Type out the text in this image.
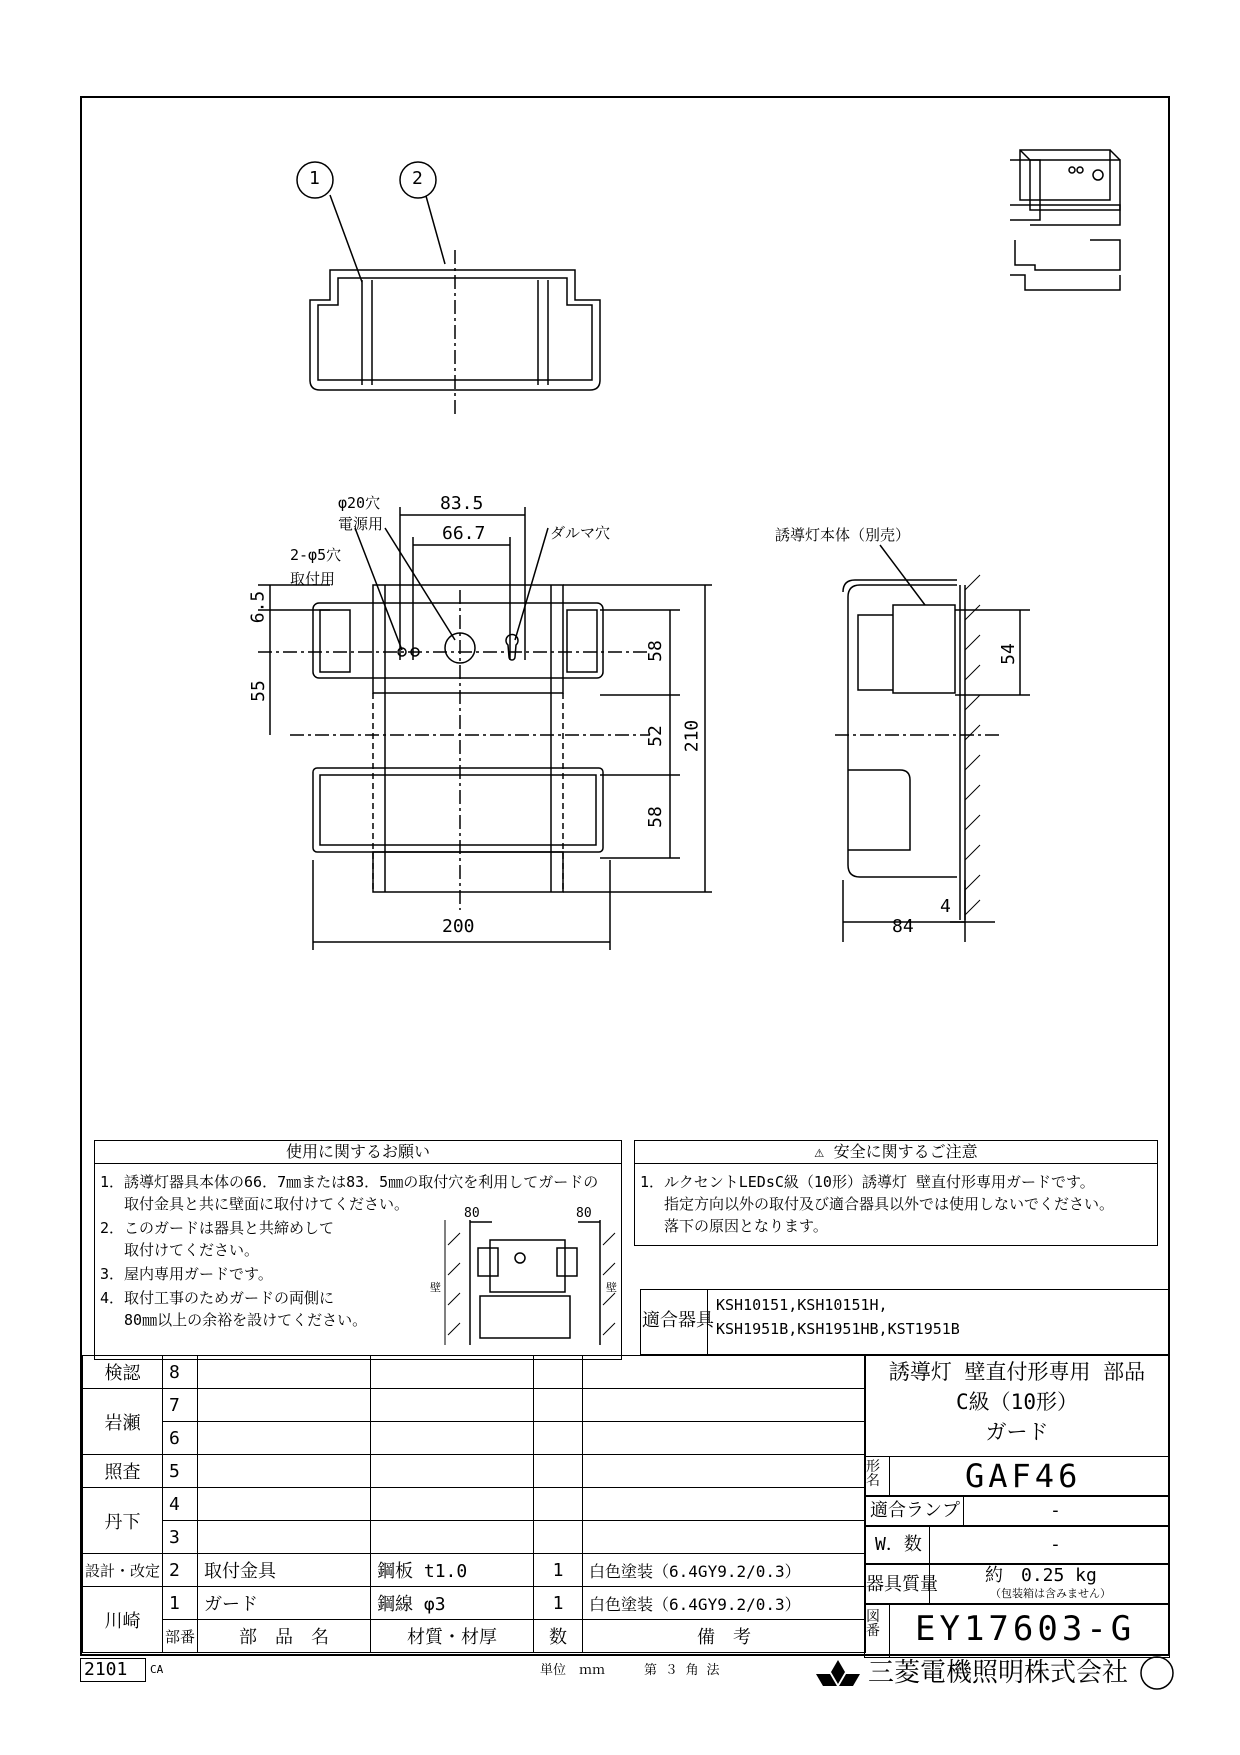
1	2
83.5
66.7
φ20穴
電源用
2-φ5穴
取付用
ダルマ穴
6.5
55
58
52
58
210
200
誘導灯本体（別売）
54
4
84
使用に関するお願い
1．誘導灯器具本体の66．7㎜または83．5㎜の取付穴を利用してガードの
　 取付金具と共に壁面に取付けてください。
2．このガードは器具と共締めして
　 取付けてください。
3．屋内専用ガードです。
4．取付工事のためガードの両側に
　 80㎜以上の余裕を設けてください。
80	80
壁	壁
⚠ 安全に関するご注意
1．ルクセントLEDsC級（10形）誘導灯 壁直付形専用ガードです。
　 指定方向以外の取付及び適合器具以外では使用しないでください。
　 落下の原因となります。
適合器具
KSH10151,KSH10151H,
KSH1951B,KSH1951HB,KST1951B
検認	8				
岩瀬	7				
	6				
照査	5				
丹下	4				
	3				
設計・改定	2	取付金具	鋼板 t1.0	1	白色塗装（6.4GY9.2/0.3）
川崎	1	ガード	鋼線 φ3	1	白色塗装（6.4GY9.2/0.3）
	部番	部　品　名	材質・材厚	数	備　考
誘導灯 壁直付形専用 部品
C級（10形）
ガード
形名	GAF46
適合ランプ	-
W．数	-
器具質量	約　0.25 kg
（包装箱は含みません）
図番 EY17603-G
2101 CA	単位　ｍｍ　　　第 ３ 角 法	三菱電機照明株式会社
